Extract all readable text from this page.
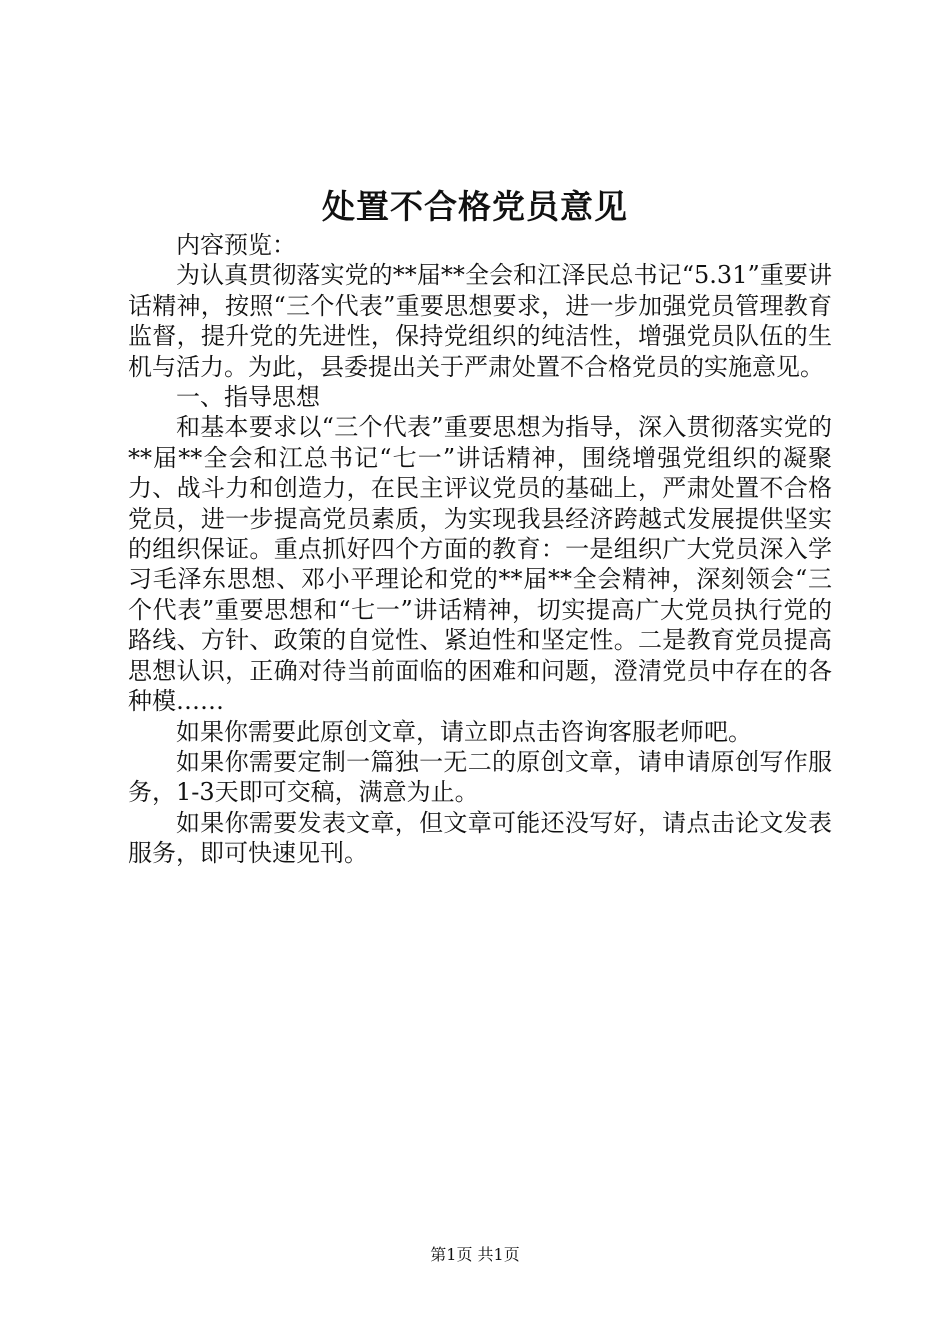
处置不合格党员意见

内容预览：

为认真贯彻落实党的**届**全会和江泽民总书记“5.31”重要讲话精神，按照“三个代表”重要思想要求，进一步加强党员管理教育监督，提升党的先进性，保持党组织的纯洁性，增强党员队伍的生机与活力。为此，县委提出关于严肃处置不合格党员的实施意见。

一、指导思想

和基本要求以“三个代表”重要思想为指导，深入贯彻落实党的**届**全会和江总书记“七一”讲话精神，围绕增强党组织的凝聚力、战斗力和创造力，在民主评议党员的基础上，严肃处置不合格党员，进一步提高党员素质，为实现我县经济跨越式发展提供坚实的组织保证。重点抓好四个方面的教育：一是组织广大党员深入学习毛泽东思想、邓小平理论和党的**届**全会精神，深刻领会“三个代表”重要思想和“七一”讲话精神，切实提高广大党员执行党的路线、方针、政策的自觉性、紧迫性和坚定性。二是教育党员提高思想认识，正确对待当前面临的困难和问题，澄清党员中存在的各种模……

如果你需要此原创文章，请立即点击咨询客服老师吧。

如果你需要定制一篇独一无二的原创文章，请申请原创写作服务，1-3天即可交稿，满意为止。

如果你需要发表文章，但文章可能还没写好，请点击论文发表服务，即可快速见刊。

第1页 共1页
